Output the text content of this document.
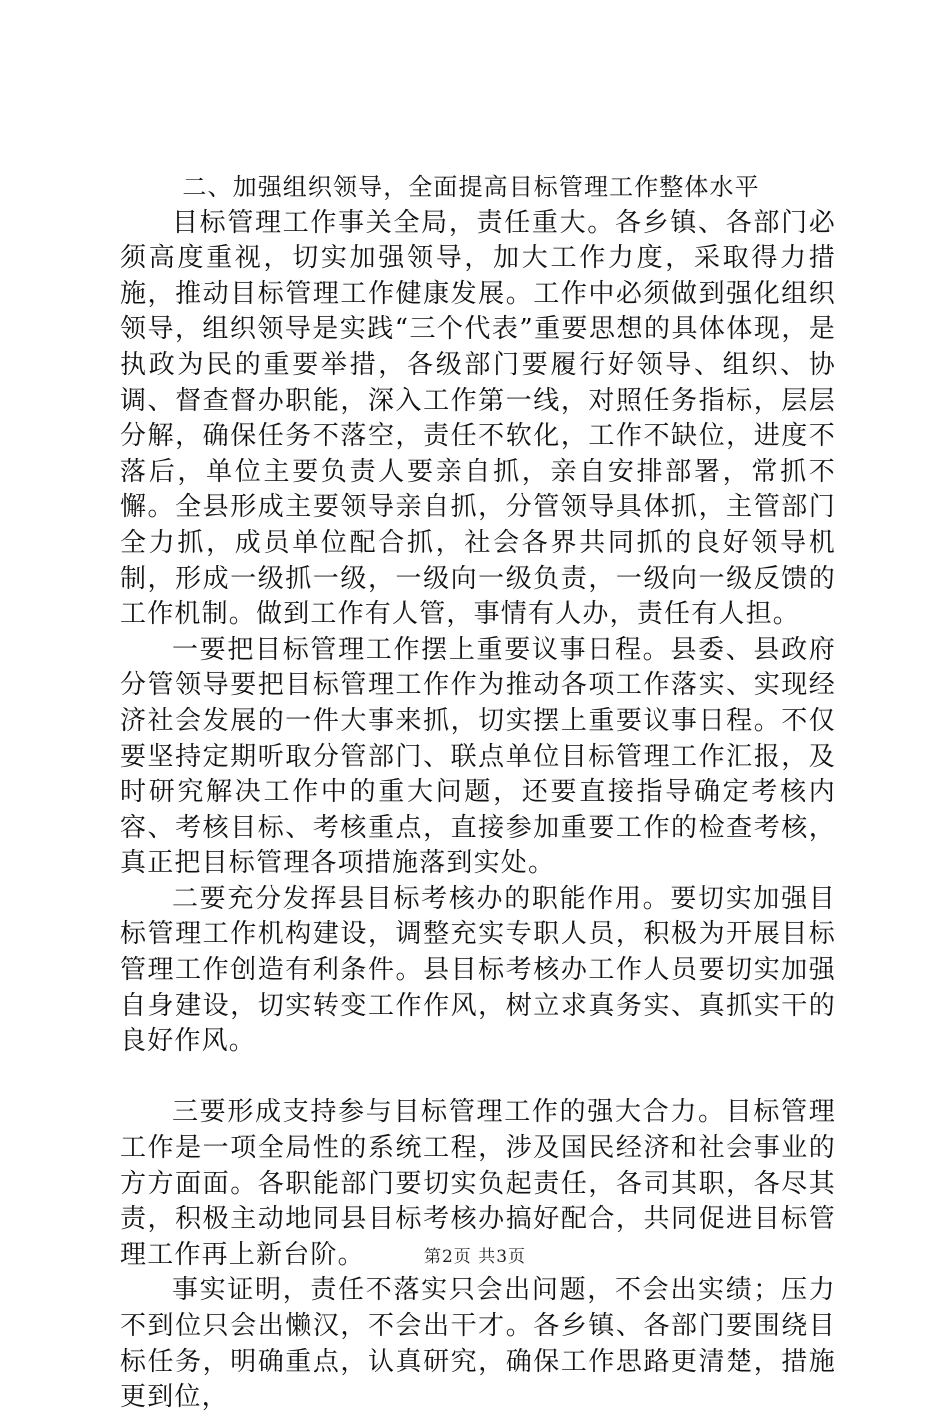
二、加强组织领导，全面提高目标管理工作整体水平

目标管理工作事关全局，责任重大。各乡镇、各部门必须高度重视，切实加强领导，加大工作力度，采取得力措施，推动目标管理工作健康发展。工作中必须做到强化组织领导，组织领导是实践“三个代表”重要思想的具体体现，是执政为民的重要举措，各级部门要履行好领导、组织、协调、督查督办职能，深入工作第一线，对照任务指标，层层分解，确保任务不落空，责任不软化，工作不缺位，进度不落后，单位主要负责人要亲自抓，亲自安排部署，常抓不懈。全县形成主要领导亲自抓，分管领导具体抓，主管部门全力抓，成员单位配合抓，社会各界共同抓的良好领导机制，形成一级抓一级，一级向一级负责，一级向一级反馈的工作机制。做到工作有人管，事情有人办，责任有人担。

一要把目标管理工作摆上重要议事日程。县委、县政府分管领导要把目标管理工作作为推动各项工作落实、实现经济社会发展的一件大事来抓，切实摆上重要议事日程。不仅要坚持定期听取分管部门、联点单位目标管理工作汇报，及时研究解决工作中的重大问题，还要直接指导确定考核内容、考核目标、考核重点，直接参加重要工作的检查考核，真正把目标管理各项措施落到实处。

二要充分发挥县目标考核办的职能作用。要切实加强目标管理工作机构建设，调整充实专职人员，积极为开展目标管理工作创造有利条件。县目标考核办工作人员要切实加强自身建设，切实转变工作作风，树立求真务实、真抓实干的良好作风。

三要形成支持参与目标管理工作的强大合力。目标管理工作是一项全局性的系统工程，涉及国民经济和社会事业的方方面面。各职能部门要切实负起责任，各司其职，各尽其责，积极主动地同县目标考核办搞好配合，共同促进目标管理工作再上新台阶。

事实证明，责任不落实只会出问题，不会出实绩；压力不到位只会出懒汉，不会出干才。各乡镇、各部门要围绕目标任务，明确重点，认真研究，确保工作思路更清楚，措施更到位，

第2页 共3页
